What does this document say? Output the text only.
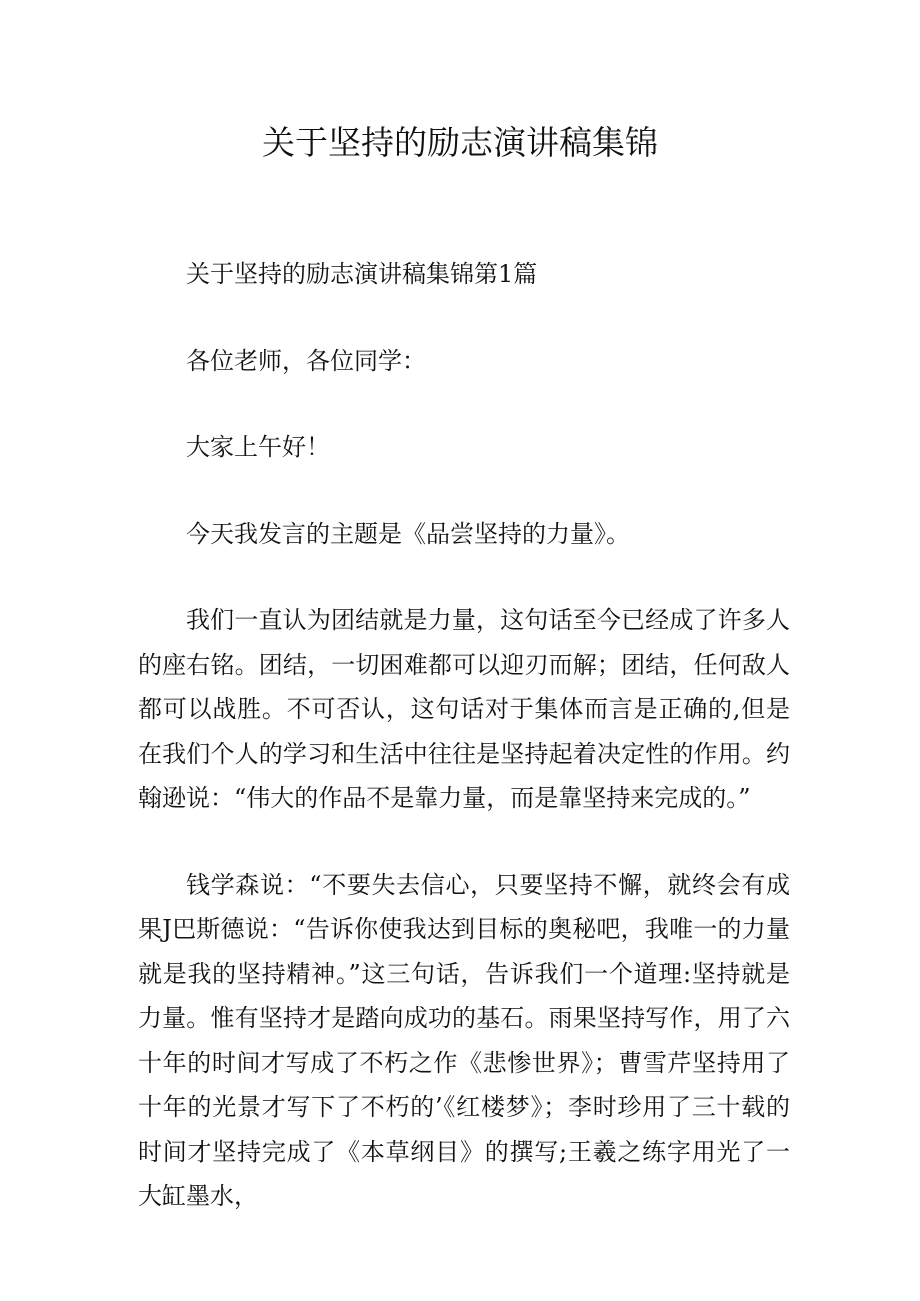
关于坚持的励志演讲稿集锦

关于坚持的励志演讲稿集锦第1篇

各位老师，各位同学：

大家上午好！

今天我发言的主题是《品尝坚持的力量》。

我们一直认为团结就是力量，这句话至今已经成了许多人的座右铭。团结，一切困难都可以迎刃而解；团结，任何敌人都可以战胜。不可否认，这句话对于集体而言是正确的,但是在我们个人的学习和生活中往往是坚持起着决定性的作用。约翰逊说：“伟大的作品不是靠力量，而是靠坚持来完成的。”

钱学森说：“不要失去信心，只要坚持不懈，就终会有成果J巴斯德说：“告诉你使我达到目标的奥秘吧，我唯一的力量就是我的坚持精神。”这三句话，告诉我们一个道理:坚持就是力量。惟有坚持才是踏向成功的基石。雨果坚持写作，用了六十年的时间才写成了不朽之作《悲惨世界》；曹雪芹坚持用了十年的光景才写下了不朽的’《红楼梦》；李时珍用了三十载的时间才坚持完成了《本草纲目》的撰写;王羲之练字用光了一大缸墨水，
